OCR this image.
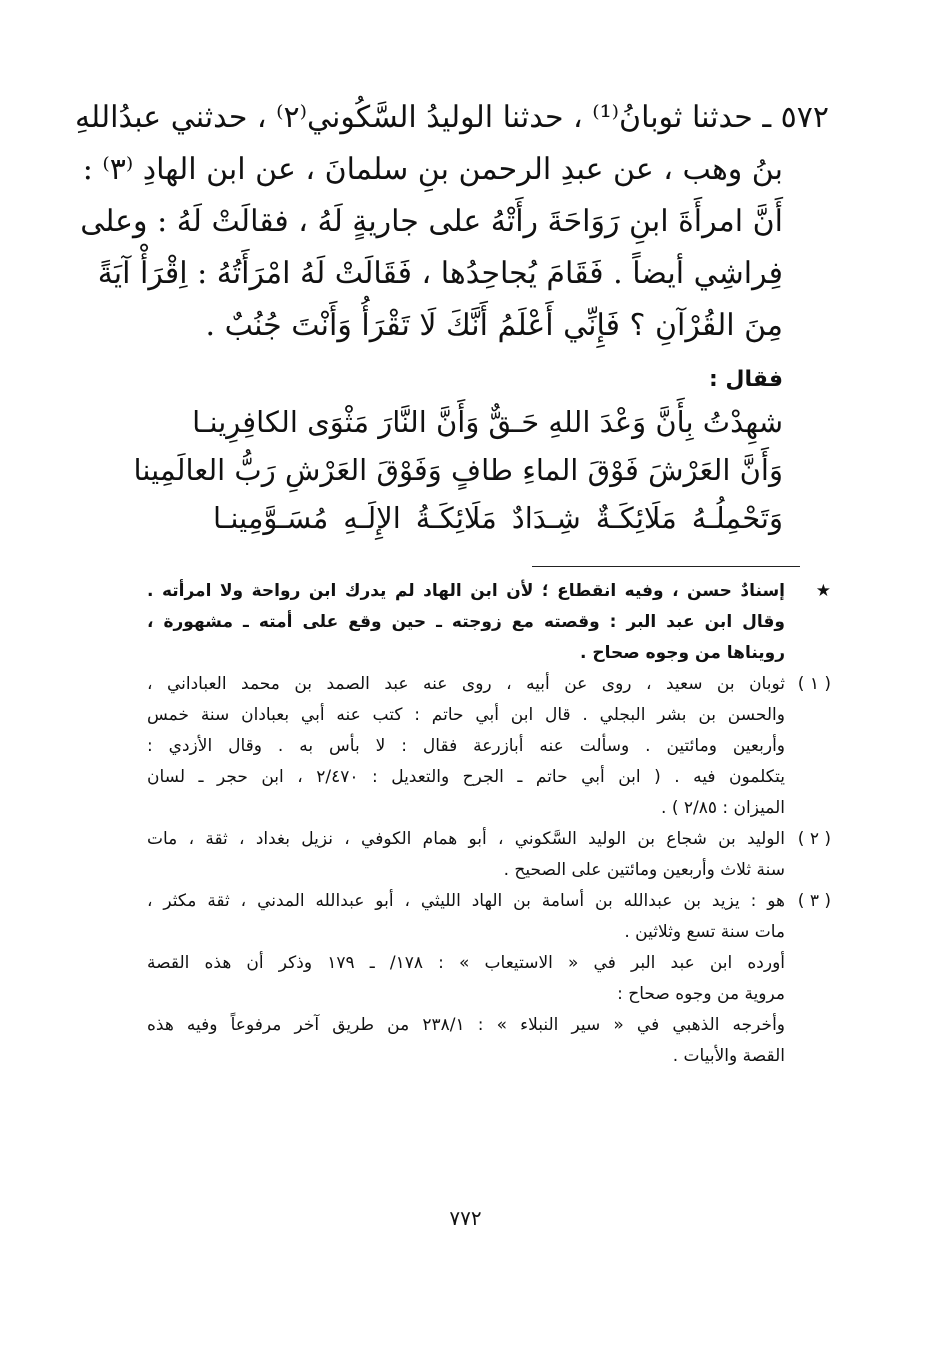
٥٧٢ ـ حدثنا ثوبانُ⁽¹⁾ ، حدثنا الوليدُ السَّكُوني⁽٢⁾ ، حدثني عبدُاللهِ
بنُ وهب ، عن عبدِ الرحمن بنِ سلمانَ ، عن ابن الهادِ ⁽٣⁾ :
أَنَّ امرأَةَ ابنِ رَوَاحَةَ رأَتْهُ على جاريةٍ لَهُ ، فقالَتْ لَهُ : وعلى
فِراشِي أيضاً . فَقَامَ يُجاحِدُها ، فَقَالَتْ لَهُ امْرَأَتُهُ : اِقْرَأْ آيَةً
مِنَ القُرْآنِ ؟ فَإِنِّي أَعْلَمُ أَنَّكَ لَا تَقْرَأُ وَأَنْتَ جُنُبٌ .
فقال :
شهِدْتُ بِأَنَّ وَعْدَ اللهِ حَـقٌّ وَأَنَّ النَّارَ مَثْوَى الكافِرِينـا
وَأَنَّ العَرْشَ فَوْقَ الماءِ طافٍ وَفَوْقَ العَرْشِ رَبُّ العالَمِينا
وَتَحْمِلُـهُ مَلَائِكَـةٌ شِـدَادٌ مَلَائِكَـةُ الإِلَـهِ مُسَـوَّمِينـا
★
إسنادٌ حسن ، وفيه انقطاع ؛ لأن ابن الهاد لم يدرك ابن رواحة ولا امرأته .
وقال ابن عبد البر : وقصته مع زوجته ـ حين وقع على أمته ـ مشهورة ،
رويناها من وجوه صحاح .
( ١ )
ثوبان بن سعيد ، روى عن أبيه ، روى عنه عبد الصمد بن محمد العباداني ،
والحسن بن بشر البجلي . قال ابن أبي حاتم : كتب عنه أبي بعبادان سنة خمس
وأربعين ومائتين . وسألت عنه أبازرعة فقال : لا بأس به . وقال الأزدي :
يتكلمون فيه . ( ابن أبي حاتم ـ الجرح والتعديل : ٢/٤٧٠ ، ابن حجر ـ لسان
الميزان : ٢/٨٥ ) .
( ٢ )
الوليد بن شجاع بن الوليد السَّكوني ، أبو همام الكوفي ، نزيل بغداد ، ثقة ، مات
سنة ثلاث وأربعين ومائتين على الصحيح .
( ٣ )
هو : يزيد بن عبدالله بن أسامة بن الهاد الليثي ، أبو عبدالله المدني ، ثقة مكثر ،
مات سنة تسع وثلاثين .
أورده ابن عبد البر في « الاستيعاب » : ١٧٨/ ـ ١٧٩ وذكر أن هذه القصة
مروية من وجوه صحاح :
وأخرجه الذهبي في « سير النبلاء » : ٢٣٨/١ من طريق آخر مرفوعاً وفيه هذه
القصة والأبيات .
٧٧٢
